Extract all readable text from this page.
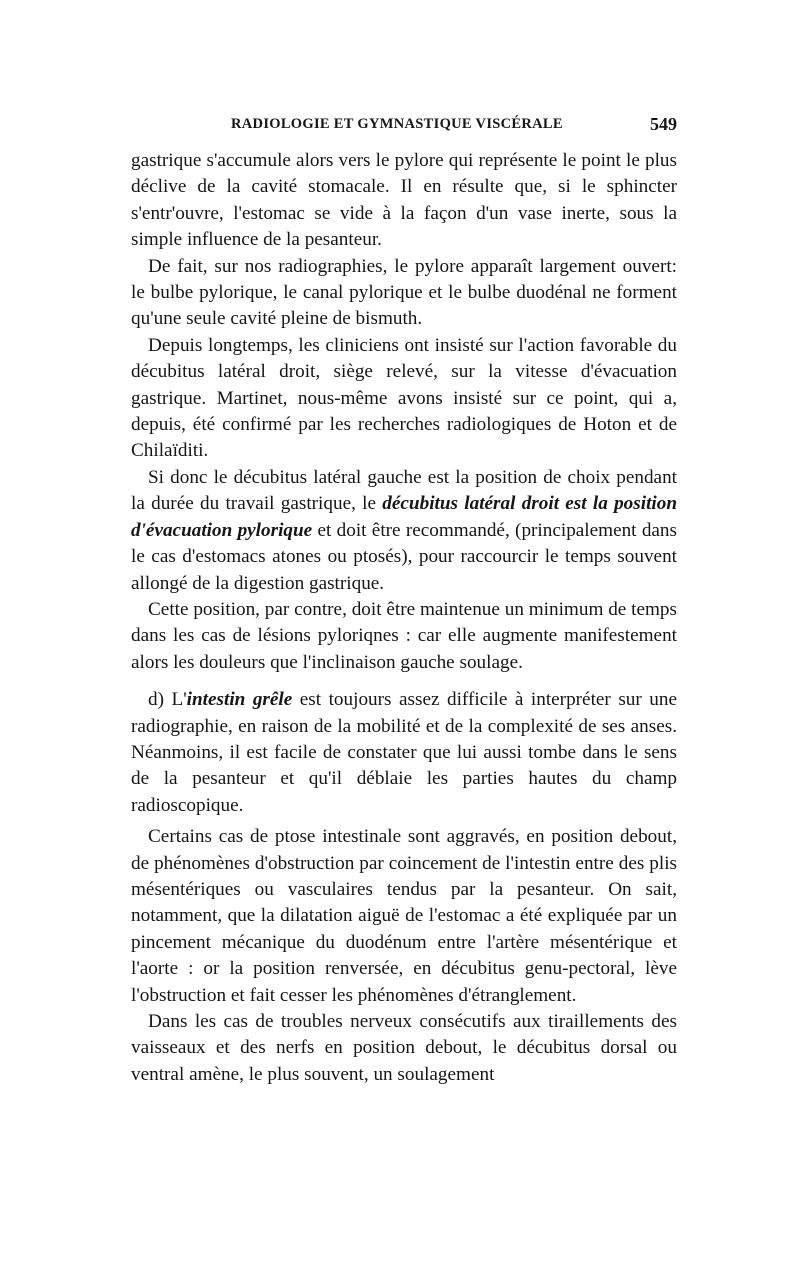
RADIOLOGIE ET GYMNASTIQUE VISCÉRALE	549

gastrique s'accumule alors vers le pylore qui représente le point le plus déclive de la cavité stomacale. Il en résulte que, si le sphincter s'entr'ouvre, l'estomac se vide à la façon d'un vase inerte, sous la simple influence de la pesanteur.

De fait, sur nos radiographies, le pylore apparaît largement ouvert: le bulbe pylorique, le canal pylorique et le bulbe duodénal ne forment qu'une seule cavité pleine de bismuth.

Depuis longtemps, les cliniciens ont insisté sur l'action favorable du décubitus latéral droit, siège relevé, sur la vitesse d'évacuation gastrique. Martinet, nous-même avons insisté sur ce point, qui a, depuis, été confirmé par les recherches radiologiques de Hoton et de Chilaïditi.

Si donc le décubitus latéral gauche est la position de choix pendant la durée du travail gastrique, le décubitus latéral droit est la position d'évacuation pylorique et doit être recommandé, (principalement dans le cas d'estomacs atones ou ptosés), pour raccourcir le temps souvent allongé de la digestion gastrique.

Cette position, par contre, doit être maintenue un minimum de temps dans les cas de lésions pyloriqnes : car elle augmente manifestement alors les douleurs que l'inclinaison gauche soulage.

d) L'intestin grêle est toujours assez difficile à interpréter sur une radiographie, en raison de la mobilité et de la complexité de ses anses. Néanmoins, il est facile de constater que lui aussi tombe dans le sens de la pesanteur et qu'il déblaie les parties hautes du champ radioscopique.

Certains cas de ptose intestinale sont aggravés, en position debout, de phénomènes d'obstruction par coincement de l'intestin entre des plis mésentériques ou vasculaires tendus par la pesanteur. On sait, notamment, que la dilatation aiguë de l'estomac a été expliquée par un pincement mécanique du duodénum entre l'artère mésentérique et l'aorte : or la position renversée, en décubitus genu-pectoral, lève l'obstruction et fait cesser les phénomènes d'étranglement.

Dans les cas de troubles nerveux consécutifs aux tiraillements des vaisseaux et des nerfs en position debout, le décubitus dorsal ou ventral amène, le plus souvent, un soulagement
